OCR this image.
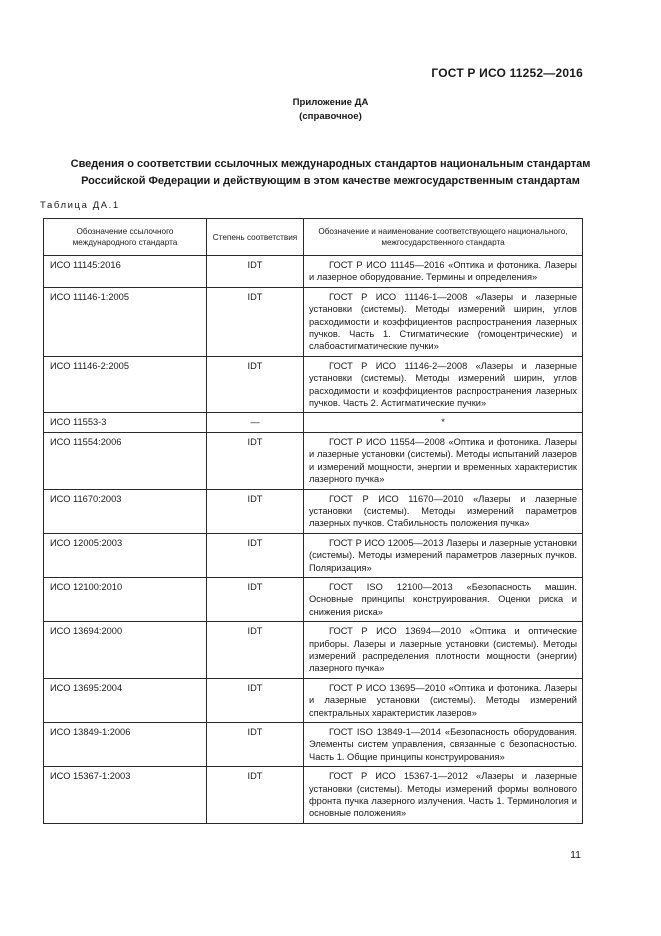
ГОСТ Р ИСО 11252—2016
Приложение ДА
(справочное)
Сведения о соответствии ссылочных международных стандартов национальным стандартам
Российской Федерации и действующим в этом качестве межгосударственным стандартам
Таблица ДА.1
Обозначение ссылочного международного стандарта	Степень соответствия	Обозначение и наименование соответствующего национального, межгосударственного стандарта
ИСО 11145:2016	IDT	ГОСТ Р ИСО 11145—2016 «Оптика и фотоника. Лазеры и лазерное оборудование. Термины и определения»

ИСО 11146-1:2005	IDT	ГОСТ Р ИСО 11146-1—2008 «Лазеры и лазерные установки (системы). Методы измерений ширин, углов расходимости и коэффициентов распространения лазерных пучков. Часть 1. Стигматические (гомоцентрические) и слабоастигматические пучки»

ИСО 11146-2:2005	IDT	ГОСТ Р ИСО 11146-2—2008 «Лазеры и лазерные установки (системы). Методы измерений ширин, углов расходимости и коэффициентов распространения лазерных пучков. Часть 2. Астигматические пучки»

ИСО 11553-3	—	*
ИСО 11554:2006	IDT	ГОСТ Р ИСО 11554—2008 «Оптика и фотоника. Лазеры и лазерные установки (системы). Методы испытаний лазеров и измерений мощности, энергии и временных характеристик лазерного пучка»

ИСО 11670:2003	IDT	ГОСТ Р ИСО 11670—2010 «Лазеры и лазерные установки (системы). Методы измерений параметров лазерных пучков. Стабильность положения пучка»

ИСО 12005:2003	IDT	ГОСТ Р ИСО 12005—2013 Лазеры и лазерные установки (системы). Методы измерений параметров лазерных пучков. Поляризация»

ИСО 12100:2010	IDT	ГОСТ ISO 12100—2013 «Безопасность машин. Основные принципы конструирования. Оценки риска и снижения риска»

ИСО 13694:2000	IDT	ГОСТ Р ИСО 13694—2010 «Оптика и оптические приборы. Лазеры и лазерные установки (системы). Методы измерений распределения плотности мощности (энергии) лазерного пучка»

ИСО 13695:2004	IDT	ГОСТ Р ИСО 13695—2010 «Оптика и фотоника. Лазеры и лазерные установки (системы). Методы измерений спектральных характеристик лазеров»

ИСО 13849-1:2006	IDT	ГОСТ ISO 13849-1—2014 «Безопасность оборудования. Элементы систем управления, связанные с безопасностью. Часть 1. Общие принципы конструирования»

ИСО 15367-1:2003	IDT	ГОСТ Р ИСО 15367-1—2012 «Лазеры и лазерные установки (системы). Методы измерений формы волнового фронта пучка лазерного излучения. Часть 1. Терминология и основные положения»
11
